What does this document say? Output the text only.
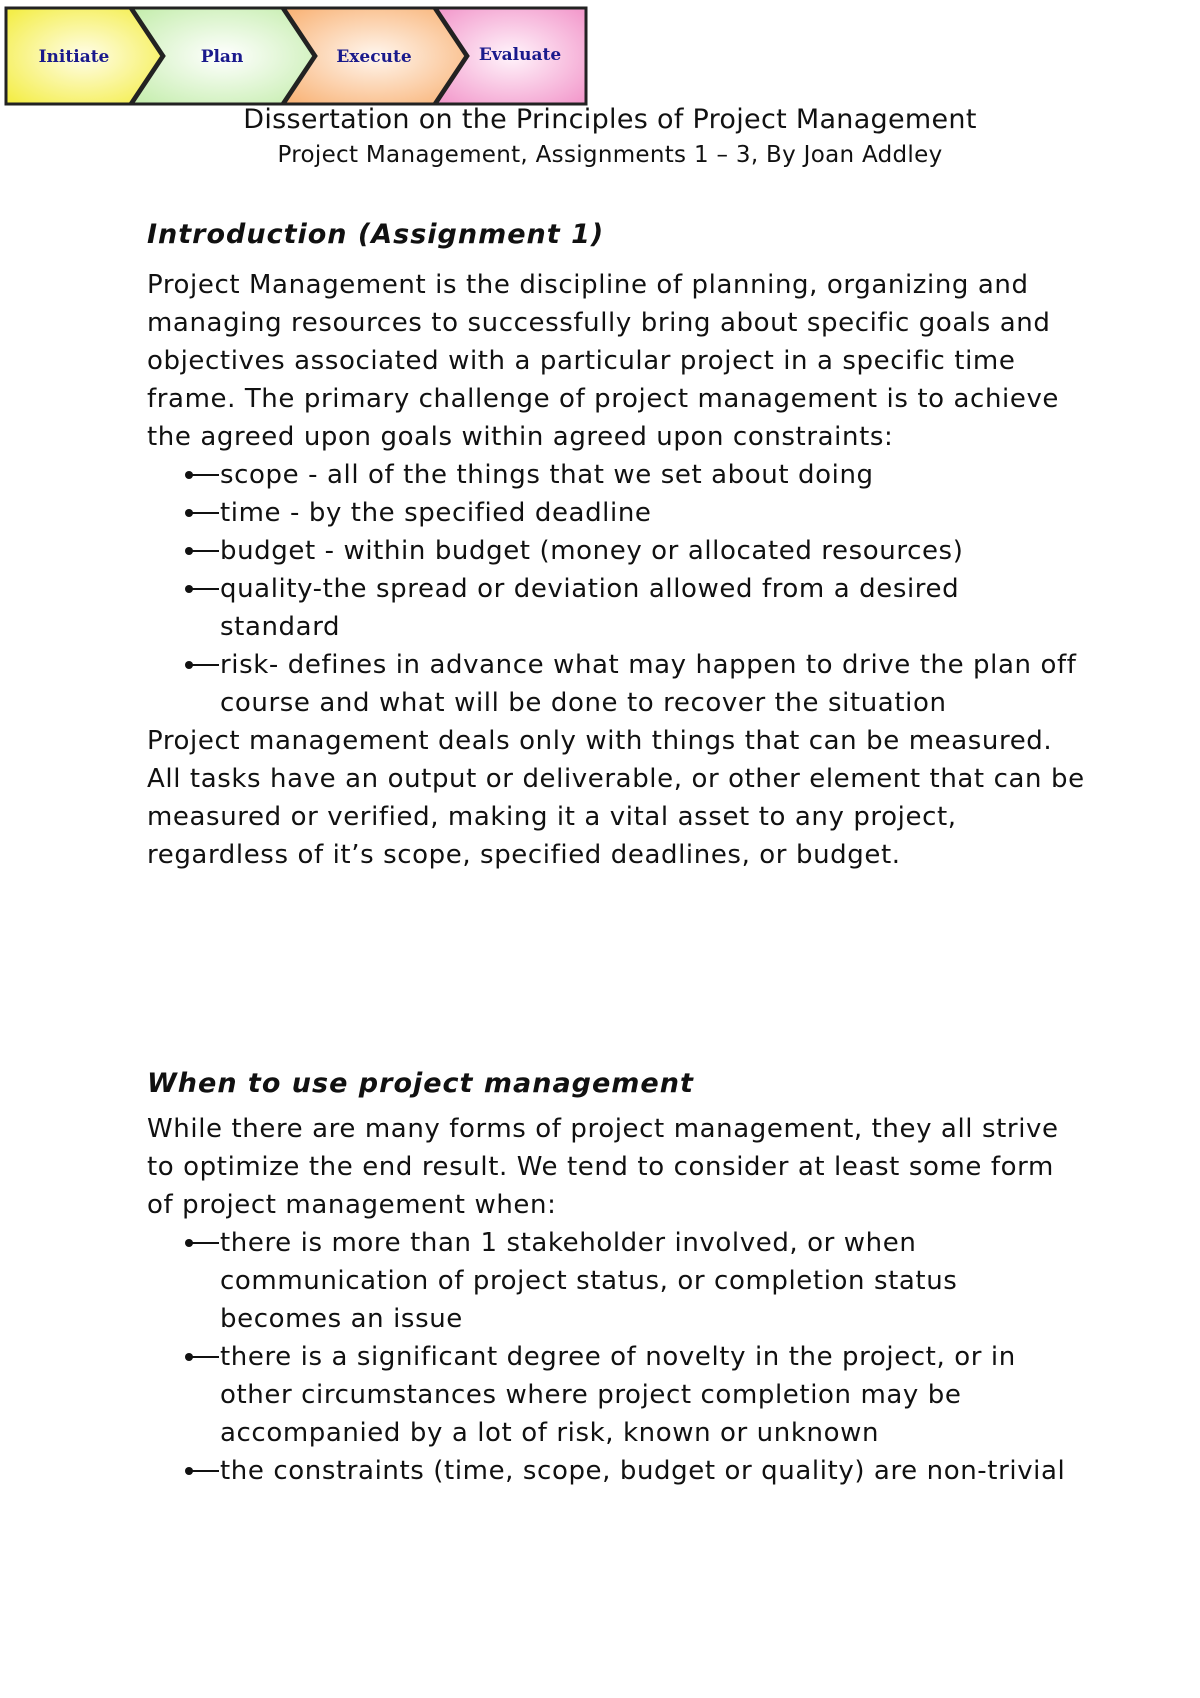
Initiate	Plan	Execute	Evaluate
Dissertation on the Principles of Project Management
Project Management, Assignments 1 – 3, By Joan Addley
Introduction (Assignment 1)

Project Management is the discipline of planning, organizing and managing resources to successfully bring about specific goals and objectives associated with a particular project in a specific time frame. The primary challenge of project management is to achieve the agreed upon goals within agreed upon constraints:

scope - all of the things that we set about doing
time - by the specified deadline
budget - within budget (money or allocated resources)
quality-the spread or deviation allowed from a desired standard
risk- defines in advance what may happen to drive the plan off course and what will be done to recover the situation

Project management deals only with things that can be measured. All tasks have an output or deliverable, or other element that can be measured or verified, making it a vital asset to any project, regardless of it’s scope, specified deadlines, or budget.

When to use project management

While there are many forms of project management, they all strive to optimize the end result. We tend to consider at least some form of project management when:

there is more than 1 stakeholder involved, or when communication of project status, or completion status becomes an issue
there is a significant degree of novelty in the project, or in other circumstances where project completion may be accompanied by a lot of risk, known or unknown
the constraints (time, scope, budget or quality) are non-trivial
